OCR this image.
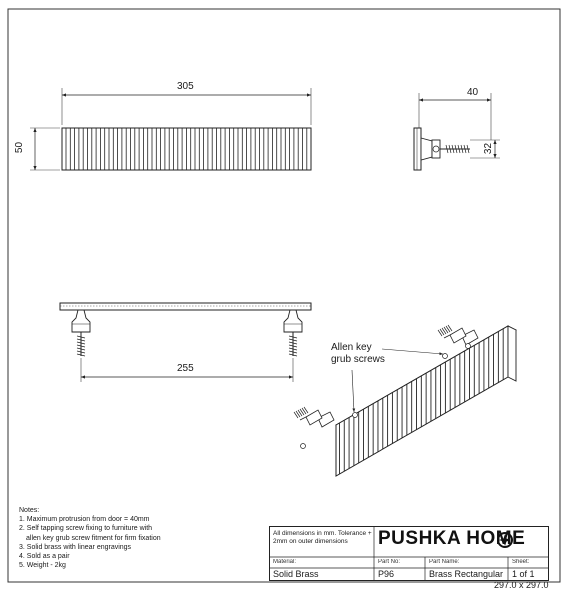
305
50
40
32
255
Allen key
grub screws
Notes:
1. Maximum protrusion from door = 40mm
2. Self tapping screw fixing to furniture with
allen key grub screw fitment for firm fixation
3. Solid brass with linear engravings
4. Sold as a pair
5. Weight - 2kg
All dimensions in mm. Tolerance + 2mm on outer dimensions
Material:
Solid Brass
Part No:
P96
Part Name:
Brass Rectangular
Sheet:
1 of 1
PUSHKA HOME
297.0 x 297.0
